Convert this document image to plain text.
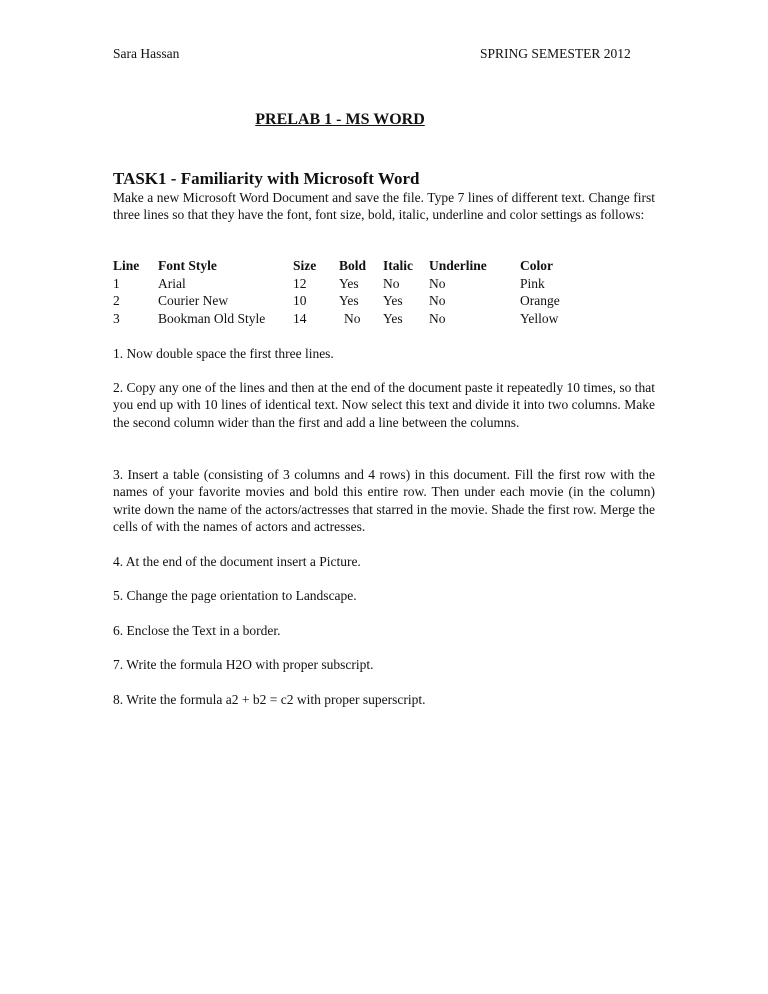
Sara Hassan	SPRING SEMESTER 2012
PRELAB 1 - MS WORD
TASK1 - Familiarity with Microsoft Word
Make a new Microsoft Word Document and save the file. Type 7 lines of different text. Change first three lines so that they have the font, font size, bold, italic, underline and color settings as follows:
Line	Font Style	Size	Bold	Italic	Underline	Color
1	Arial	12	Yes	No	No	Pink
2	Courier New	10	Yes	Yes	No	Orange
3	Bookman Old Style	14	No	Yes	No	Yellow
1. Now double space the first three lines.
2. Copy any one of the lines and then at the end of the document paste it repeatedly 10 times, so that you end up with 10 lines of identical text. Now select this text and divide it into two columns. Make the second column wider than the first and add a line between the columns.
3. Insert a table (consisting of 3 columns and 4 rows) in this document. Fill the first row with the names of your favorite movies and bold this entire row. Then under each movie (in the column) write down the name of the actors/actresses that starred in the movie. Shade the first row. Merge the cells of with the names of actors and actresses.
4. At the end of the document insert a Picture.
5. Change the page orientation to Landscape.
6. Enclose the Text in a border.
7. Write the formula H2O with proper subscript.
8. Write the formula a2 + b2 = c2 with proper superscript.
